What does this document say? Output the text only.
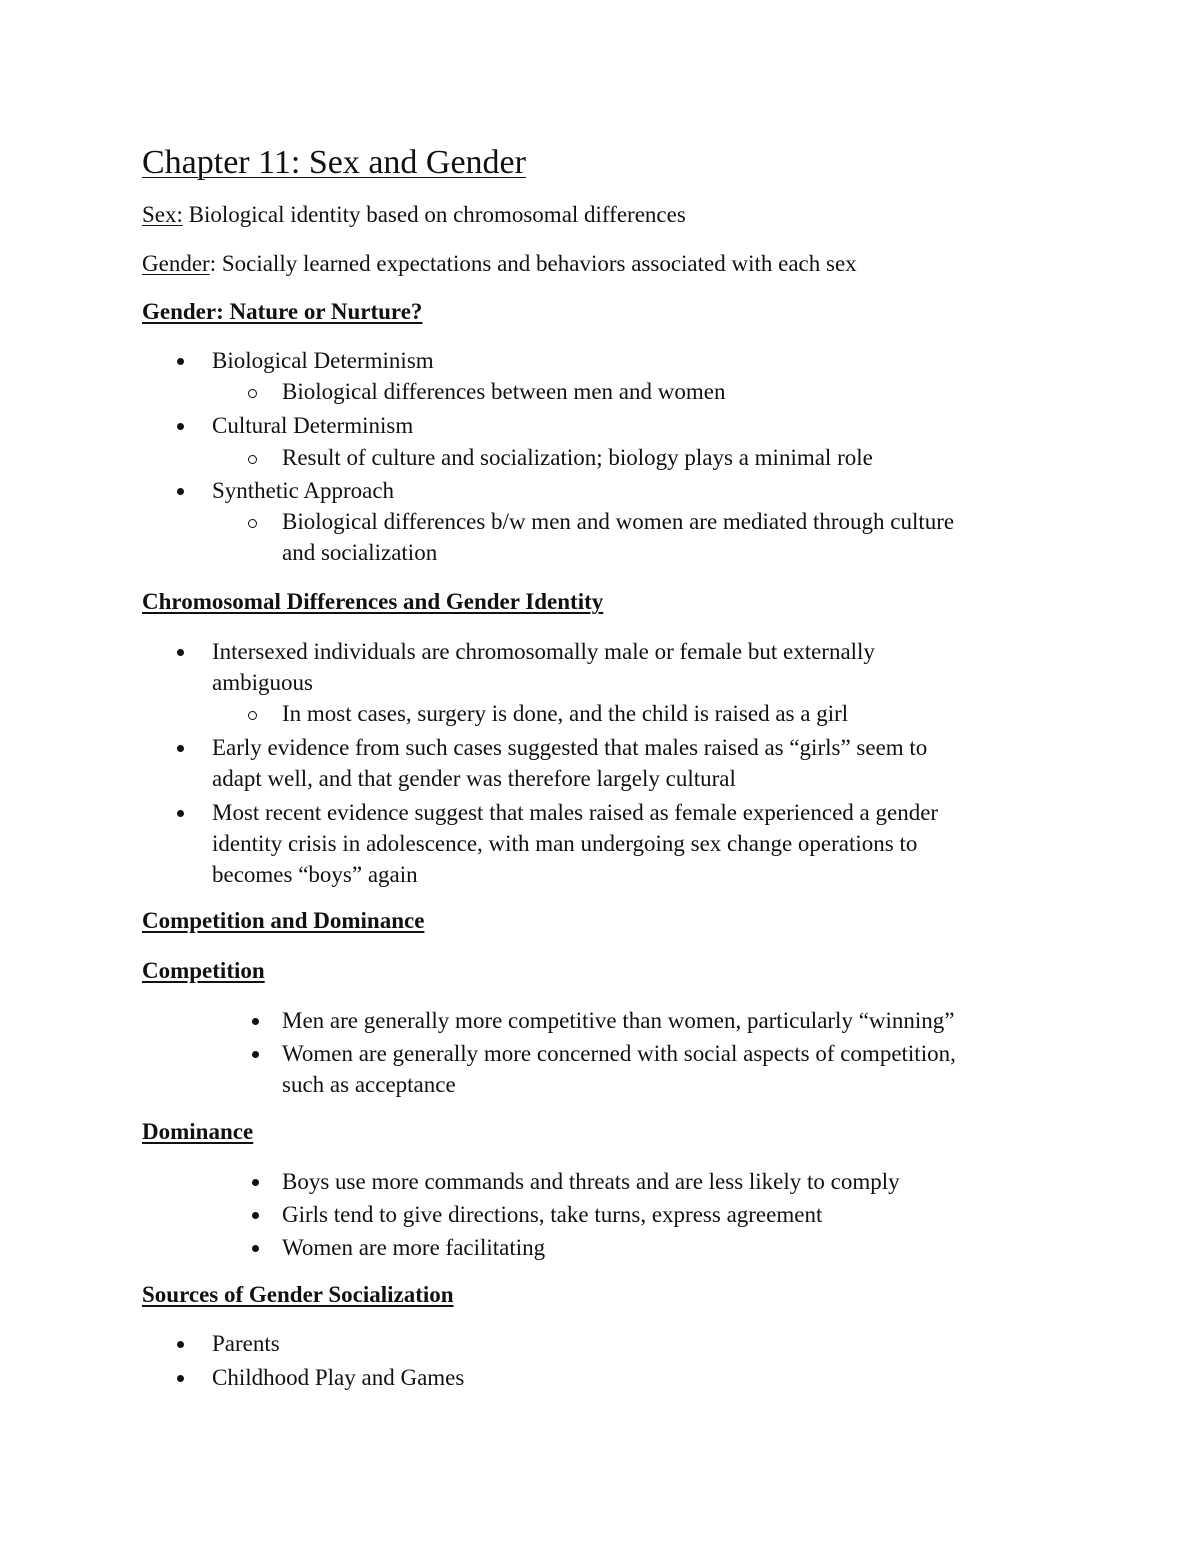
Chapter 11: Sex and Gender
Sex: Biological identity based on chromosomal differences
Gender: Socially learned expectations and behaviors associated with each sex
Gender: Nature or Nurture?
Biological Determinism
Biological differences between men and women
Cultural Determinism
Result of culture and socialization; biology plays a minimal role
Synthetic Approach
Biological differences b/w men and women are mediated through culture
and socialization
Chromosomal Differences and Gender Identity
Intersexed individuals are chromosomally male or female but externally
ambiguous
In most cases, surgery is done, and the child is raised as a girl
Early evidence from such cases suggested that males raised as “girls” seem to
adapt well, and that gender was therefore largely cultural
Most recent evidence suggest that males raised as female experienced a gender
identity crisis in adolescence, with man undergoing sex change operations to
becomes “boys” again
Competition and Dominance
Competition
Men are generally more competitive than women, particularly “winning”
Women are generally more concerned with social aspects of competition,
such as acceptance
Dominance
Boys use more commands and threats and are less likely to comply
Girls tend to give directions, take turns, express agreement
Women are more facilitating
Sources of Gender Socialization
Parents
Childhood Play and Games
